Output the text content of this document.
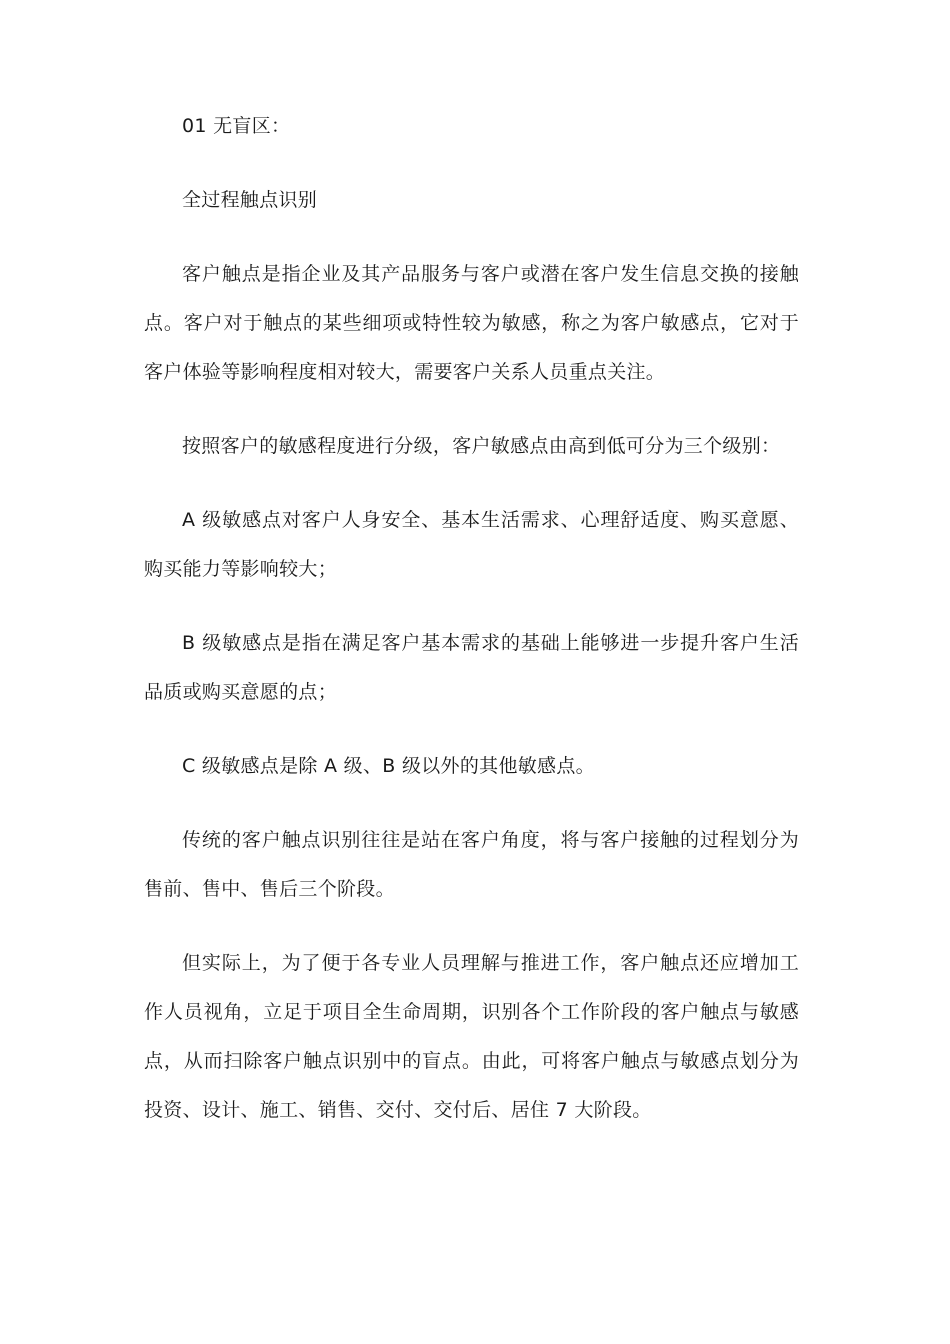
01 无盲区：

全过程触点识别

客户触点是指企业及其产品服务与客户或潜在客户发生信息交换的接触点。客户对于触点的某些细项或特性较为敏感，称之为客户敏感点，它对于客户体验等影响程度相对较大，需要客户关系人员重点关注。

按照客户的敏感程度进行分级，客户敏感点由高到低可分为三个级别：

A 级敏感点对客户人身安全、基本生活需求、心理舒适度、购买意愿、购买能力等影响较大；

B 级敏感点是指在满足客户基本需求的基础上能够进一步提升客户生活品质或购买意愿的点；

C 级敏感点是除 A 级、B 级以外的其他敏感点。

传统的客户触点识别往往是站在客户角度，将与客户接触的过程划分为售前、售中、售后三个阶段。

但实际上，为了便于各专业人员理解与推进工作，客户触点还应增加工作人员视角，立足于项目全生命周期，识别各个工作阶段的客户触点与敏感点，从而扫除客户触点识别中的盲点。由此，可将客户触点与敏感点划分为投资、设计、施工、销售、交付、交付后、居住 7 大阶段。
